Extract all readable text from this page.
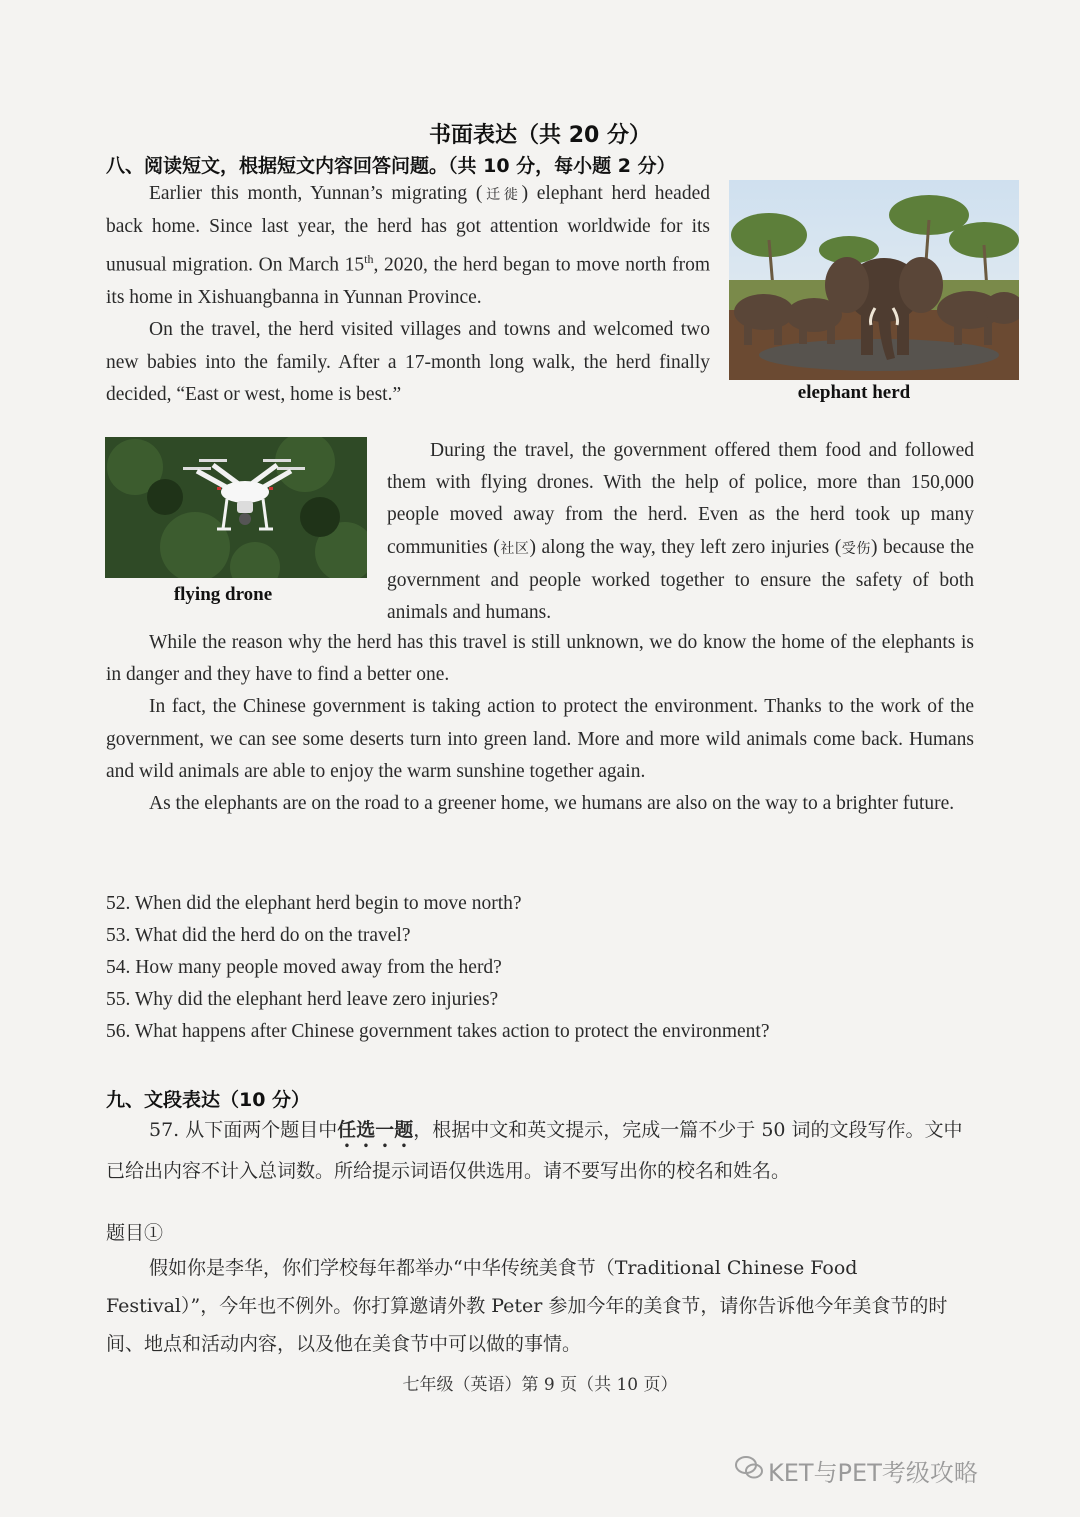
书面表达（共 20 分）
八、阅读短文，根据短文内容回答问题。（共 10 分，每小题 2 分）

Earlier this month, Yunnan’s migrating (迁徙) elephant herd headed back home. Since last year, the herd has got attention worldwide for its unusual migration. On March 15th, 2020, the herd began to move north from its home in Xishuangbanna in Yunnan Province.

On the travel, the herd visited villages and towns and welcomed two new babies into the family. After a 17-month long walk, the herd finally decided, “East or west, home is best.”	elephant herd
flying drone

During the travel, the government offered them food and followed them with flying drones. With the help of police, more than 150,000 people moved away from the herd. Even as the herd took up many communities (社区) along the way, they left zero injuries (受伤) because the government and people worked together to ensure the safety of both animals and humans.

While the reason why the herd has this travel is still unknown, we do know the home of the elephants is in danger and they have to find a better one.

In fact, the Chinese government is taking action to protect the environment. Thanks to the work of the government, we can see some deserts turn into green land. More and more wild animals come back. Humans and wild animals are able to enjoy the warm sunshine together again.

As the elephants are on the road to a greener home, we humans are also on the way to a brighter future.

52. When did the elephant herd begin to move north?
53. What did the herd do on the travel?
54. How many people moved away from the herd?
55. Why did the elephant herd leave zero injuries?
56. What happens after Chinese government takes action to protect the environment?
九、文段表达（10 分）

57. 从下面两个题目中任选一题，根据中文和英文提示，完成一篇不少于 50 词的文段写作。文中已给出内容不计入总词数。所给提示词语仅供选用。请不要写出你的校名和姓名。

题目①

假如你是李华，你们学校每年都举办“中华传统美食节（Traditional Chinese Food Festival）”，今年也不例外。你打算邀请外教 Peter 参加今年的美食节，请你告诉他今年美食节的时间、地点和活动内容，以及他在美食节中可以做的事情。

七年级（英语）第 9 页（共 10 页）
KET与PET考级攻略
